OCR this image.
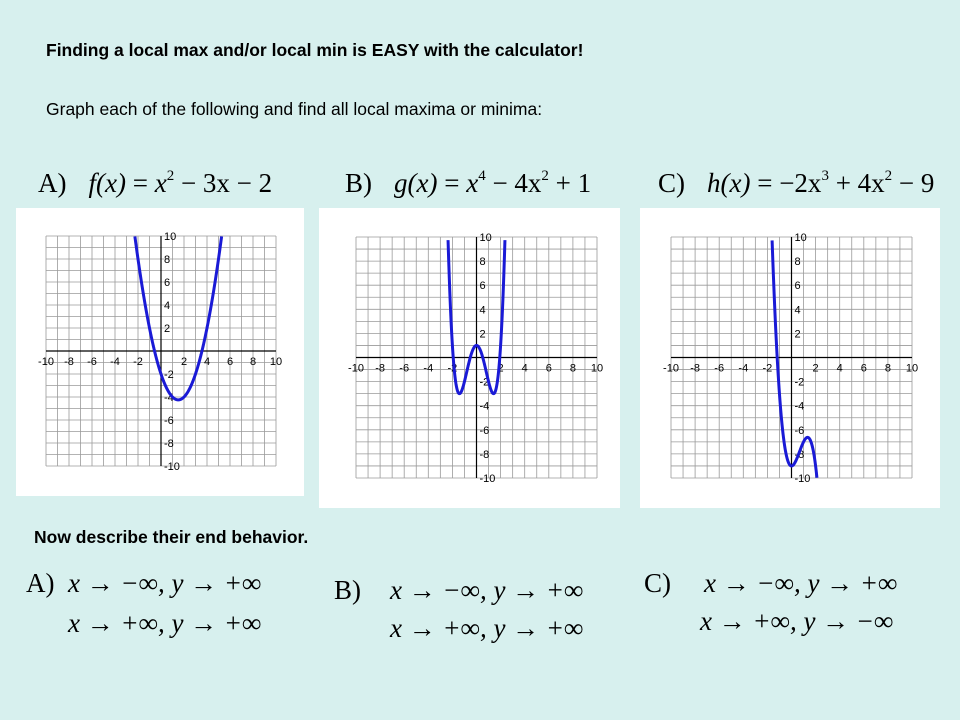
Finding a local max and/or local min is EASY with the calculator!
Graph each of the following and find all local maxima or minima:
A) $f(x) = x^2 - 3x - 2$	B) $g(x) = x^4 - 4x^2 + 1$ C) $h(x) = -2x^3 + 4x^2 - 9$
-10 -8 -6 -4 -2	2 4 6 8 10
10
8
6
4
2
-2
-4
-6
-8
-10
-10 -8 -6 -4 -2	2 4 6 8 10
10
8
6
4
2
-2
-4
-6
-8
-10
-10 -8 -6 -4 -2	2 4 6 8 10
10
8
6
4
2
-2
-4
-6
-8
-10
Now describe their end behavior.
A) x → −∞, y → +∞
x → +∞, y → +∞
B) x → −∞, y → +∞
x → +∞, y → +∞
C) x → −∞, y → +∞
x → +∞, y → −∞
